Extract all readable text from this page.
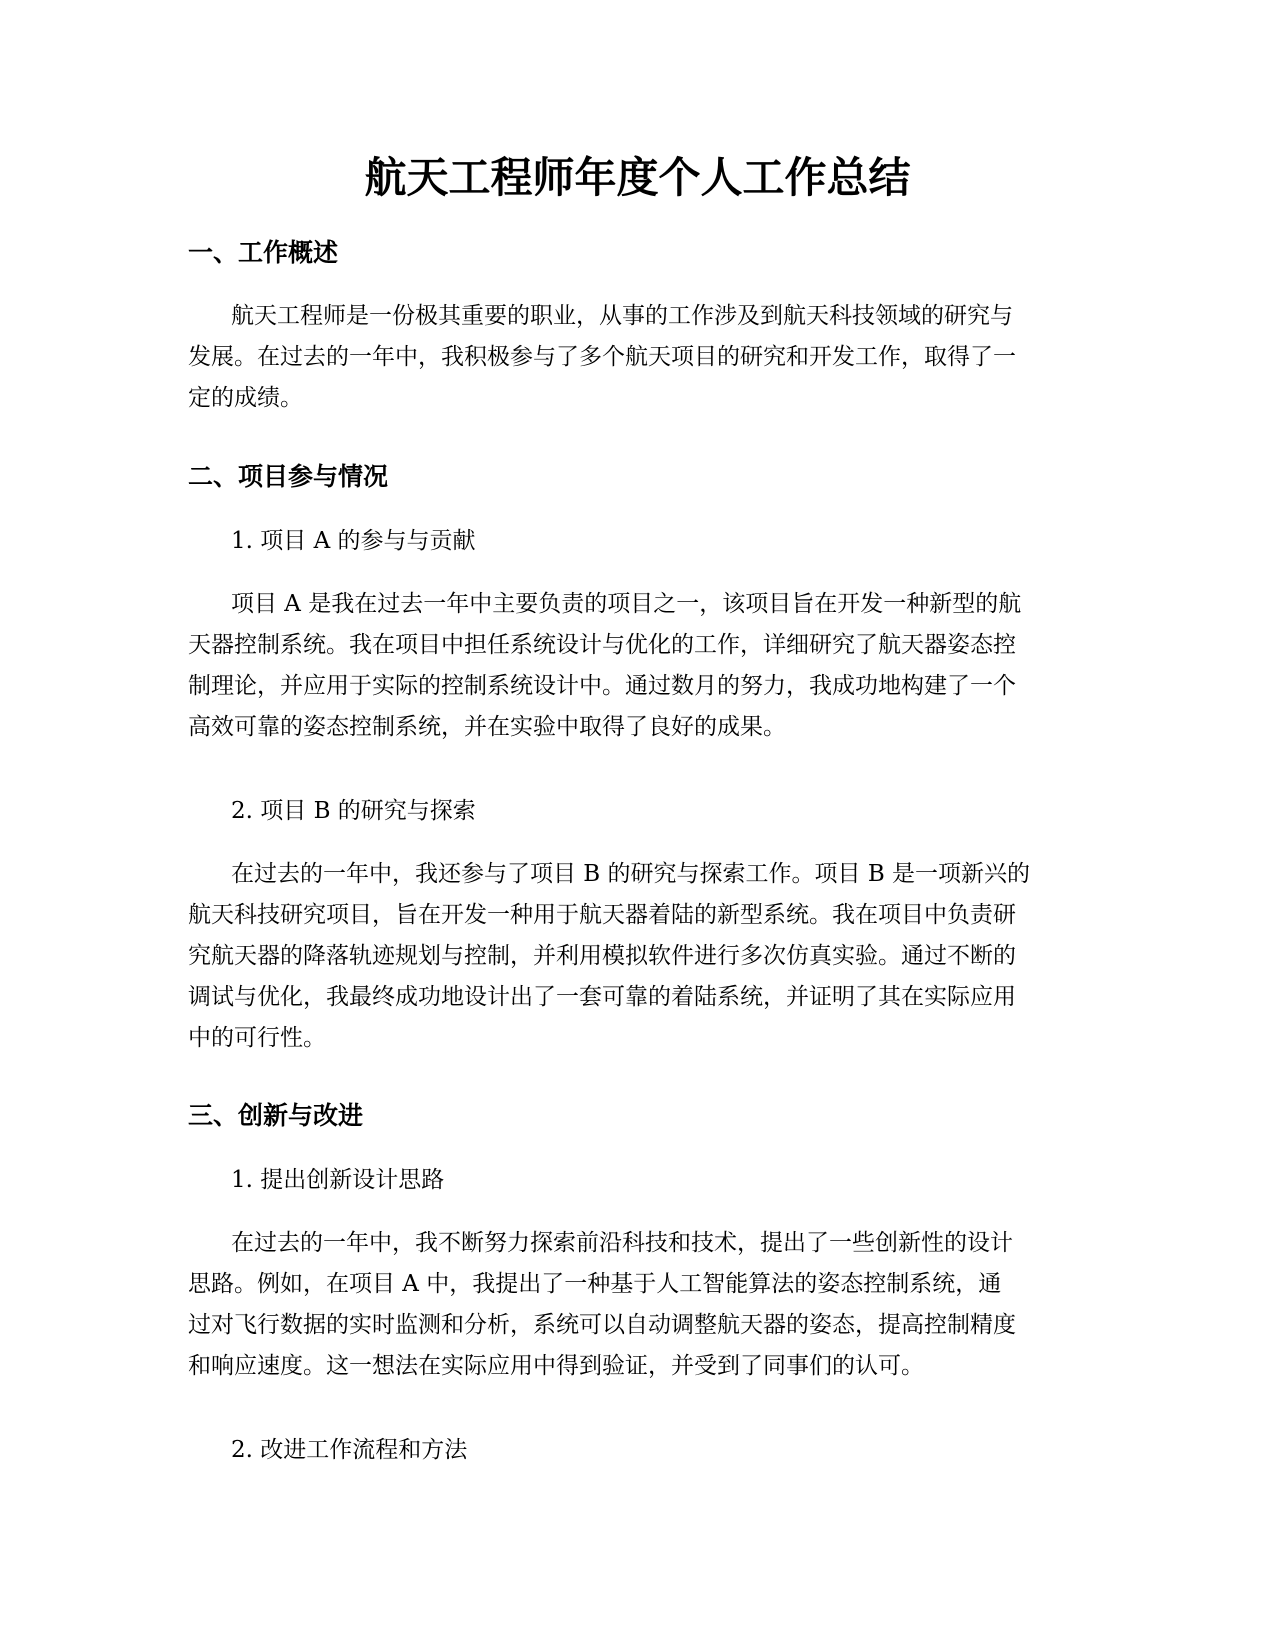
航天工程师年度个人工作总结
一、工作概述

航天工程师是一份极其重要的职业，从事的工作涉及到航天科技领域的研究与
发展。在过去的一年中，我积极参与了多个航天项目的研究和开发工作，取得了一
定的成绩。

二、项目参与情况

1. 项目 A 的参与与贡献

项目 A 是我在过去一年中主要负责的项目之一，该项目旨在开发一种新型的航
天器控制系统。我在项目中担任系统设计与优化的工作，详细研究了航天器姿态控
制理论，并应用于实际的控制系统设计中。通过数月的努力，我成功地构建了一个
高效可靠的姿态控制系统，并在实验中取得了良好的成果。

2. 项目 B 的研究与探索

在过去的一年中，我还参与了项目 B 的研究与探索工作。项目 B 是一项新兴的
航天科技研究项目，旨在开发一种用于航天器着陆的新型系统。我在项目中负责研
究航天器的降落轨迹规划与控制，并利用模拟软件进行多次仿真实验。通过不断的
调试与优化，我最终成功地设计出了一套可靠的着陆系统，并证明了其在实际应用
中的可行性。

三、创新与改进

1. 提出创新设计思路

在过去的一年中，我不断努力探索前沿科技和技术，提出了一些创新性的设计
思路。例如，在项目 A 中，我提出了一种基于人工智能算法的姿态控制系统，通
过对飞行数据的实时监测和分析，系统可以自动调整航天器的姿态，提高控制精度
和响应速度。这一想法在实际应用中得到验证，并受到了同事们的认可。

2. 改进工作流程和方法
